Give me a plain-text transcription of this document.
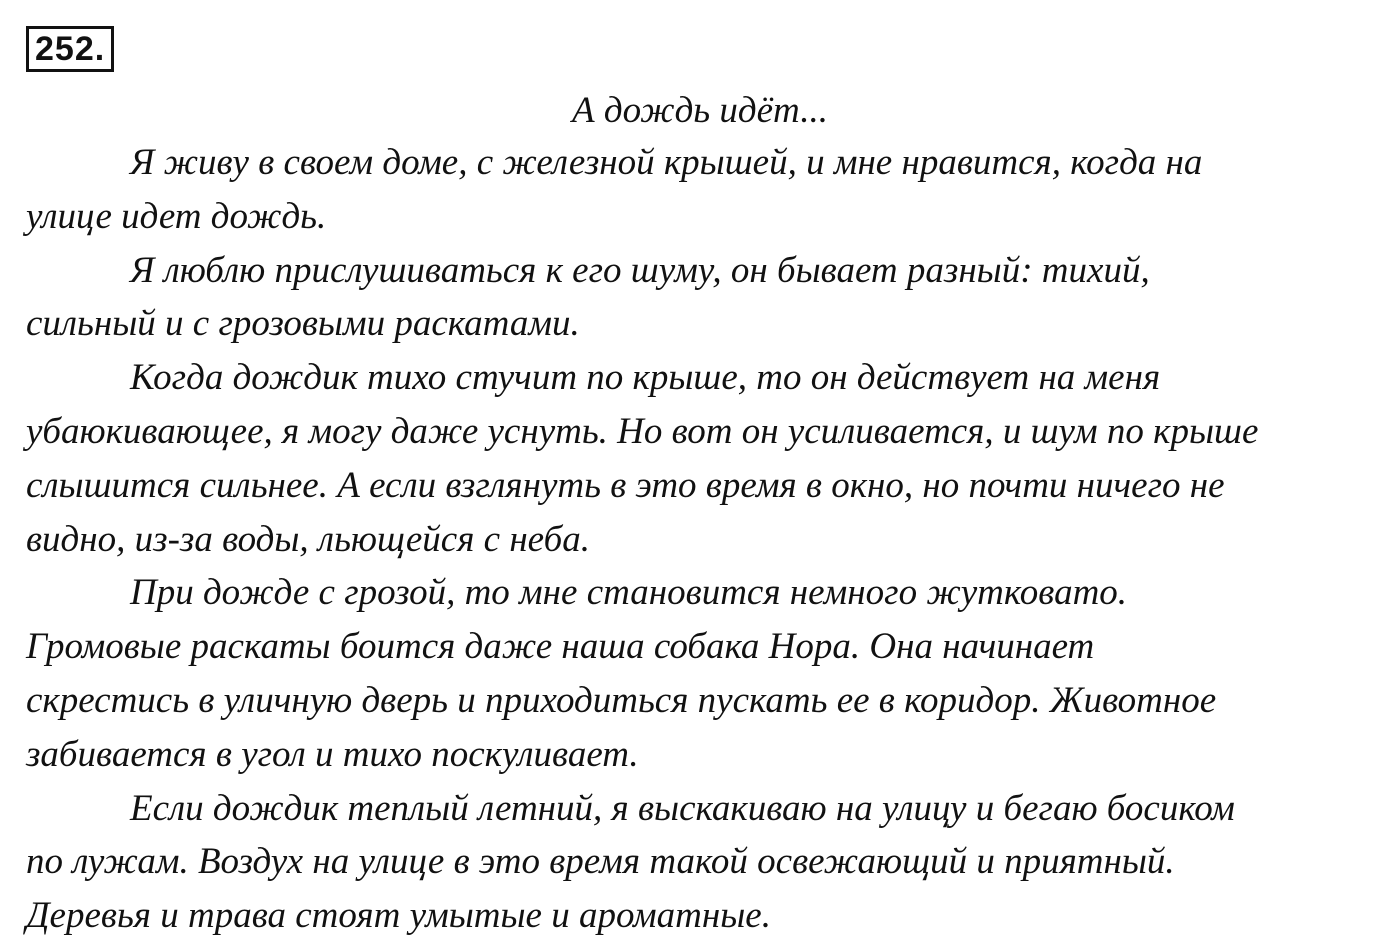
252.
А дождь идёт...

Я живу в своем доме, с железной крышей, и мне нравится, когда на
улице идет дождь.

Я люблю прислушиваться к его шуму, он бывает разный: тихий,
сильный и с грозовыми раскатами.

Когда дождик тихо стучит по крыше, то он действует на меня
убаюкивающее, я могу даже уснуть. Но вот он усиливается, и шум по крыше
слышится сильнее. А если взглянуть в это время в окно, но почти ничего не
видно, из-за воды, льющейся с неба.

При дожде с грозой, то мне становится немного жутковато.
Громовые раскаты боится даже наша собака Нора. Она начинает
скрестись в уличную дверь и приходиться пускать ее в коридор. Животное
забивается в угол и тихо поскуливает.

Если дождик теплый летний, я выскакиваю на улицу и бегаю босиком
по лужам. Воздух на улице в это время такой освежающий и приятный.
Деревья и трава стоят умытые и ароматные.
